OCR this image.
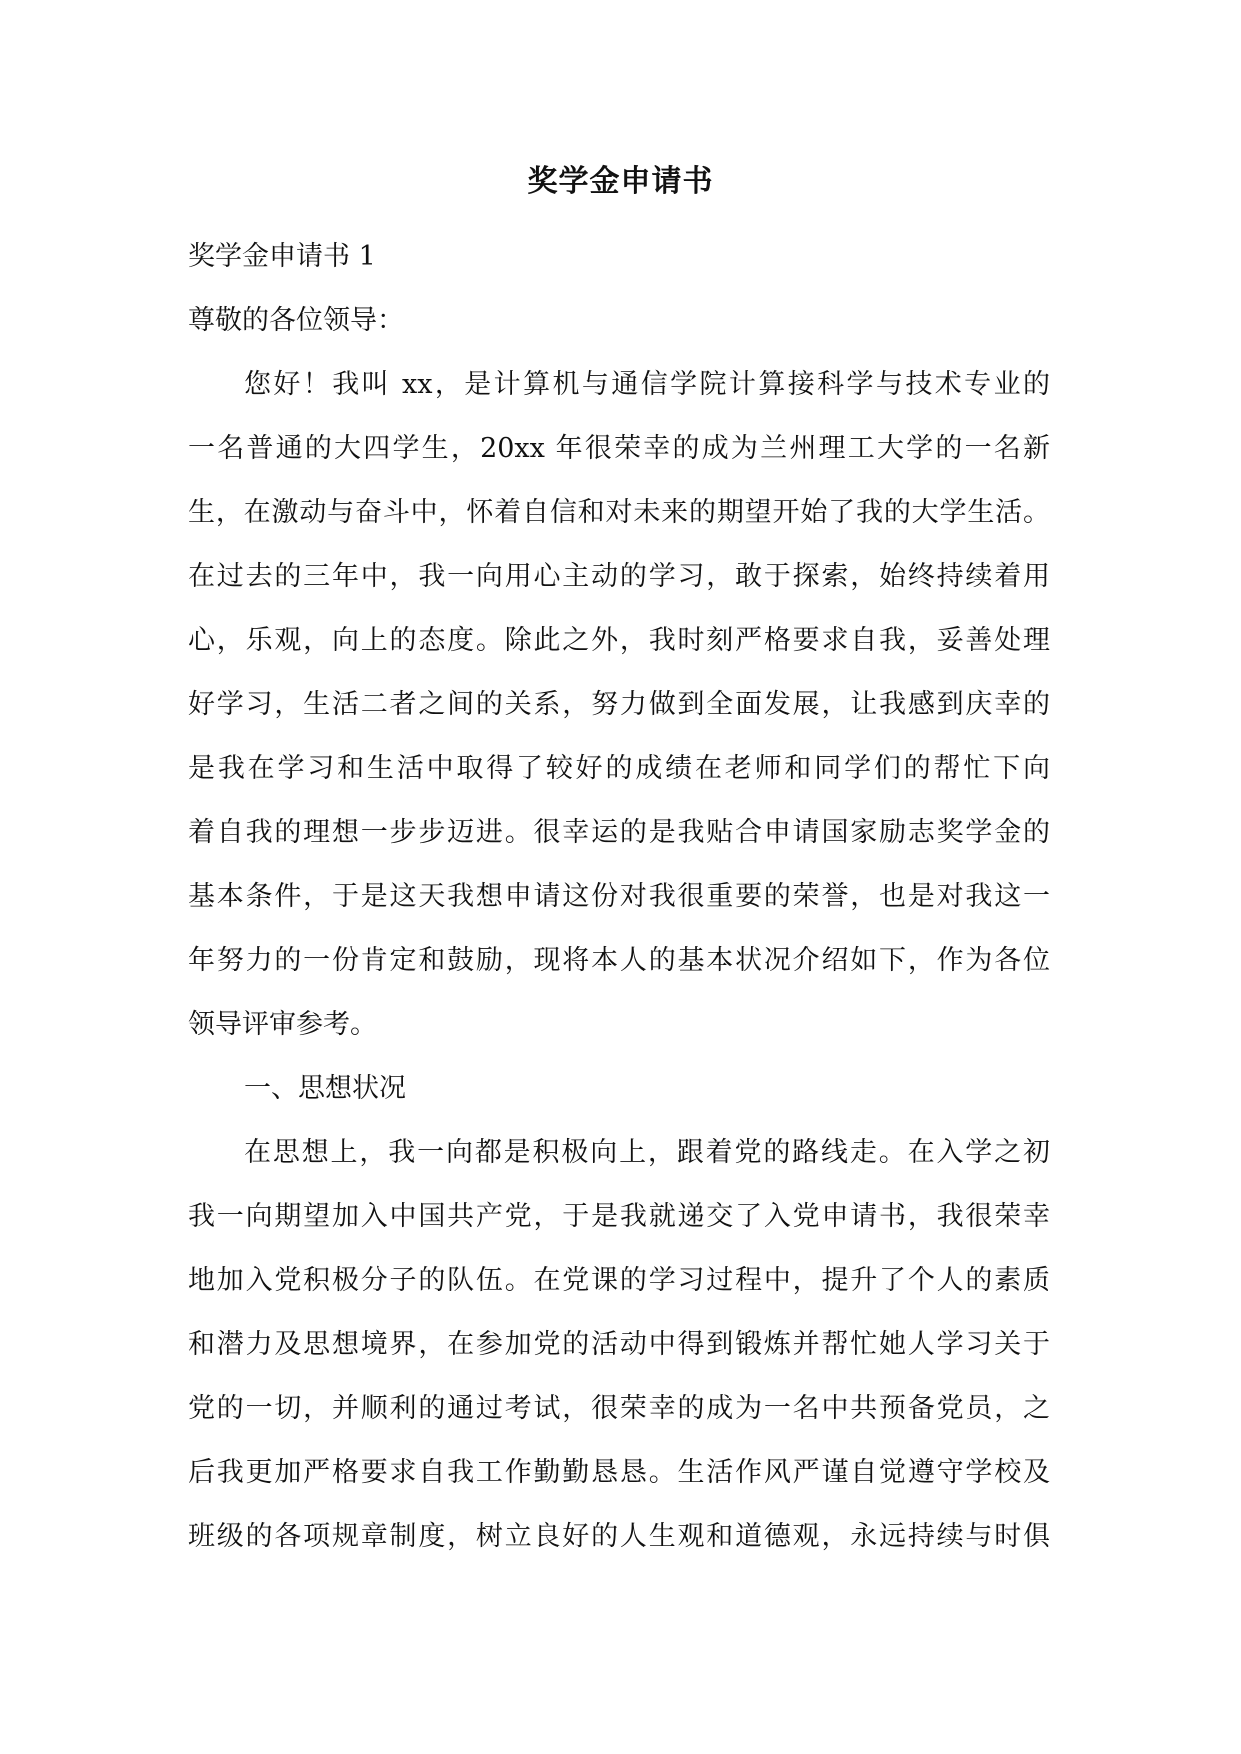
奖学金申请书
奖学金申请书 1
尊敬的各位领导：
您好！我叫 xx，是计算机与通信学院计算接科学与技术专业的
一名普通的大四学生，20xx 年很荣幸的成为兰州理工大学的一名新
生，在激动与奋斗中，怀着自信和对未来的期望开始了我的大学生活。
在过去的三年中，我一向用心主动的学习，敢于探索，始终持续着用
心，乐观，向上的态度。除此之外，我时刻严格要求自我，妥善处理
好学习，生活二者之间的关系，努力做到全面发展，让我感到庆幸的
是我在学习和生活中取得了较好的成绩在老师和同学们的帮忙下向
着自我的理想一步步迈进。很幸运的是我贴合申请国家励志奖学金的
基本条件，于是这天我想申请这份对我很重要的荣誉，也是对我这一
年努力的一份肯定和鼓励，现将本人的基本状况介绍如下，作为各位
领导评审参考。
一、思想状况
在思想上，我一向都是积极向上，跟着党的路线走。在入学之初
我一向期望加入中国共产党，于是我就递交了入党申请书，我很荣幸
地加入党积极分子的队伍。在党课的学习过程中，提升了个人的素质
和潜力及思想境界，在参加党的活动中得到锻炼并帮忙她人学习关于
党的一切，并顺利的通过考试，很荣幸的成为一名中共预备党员，之
后我更加严格要求自我工作勤勤恳恳。生活作风严谨自觉遵守学校及
班级的各项规章制度，树立良好的人生观和道德观，永远持续与时俱
